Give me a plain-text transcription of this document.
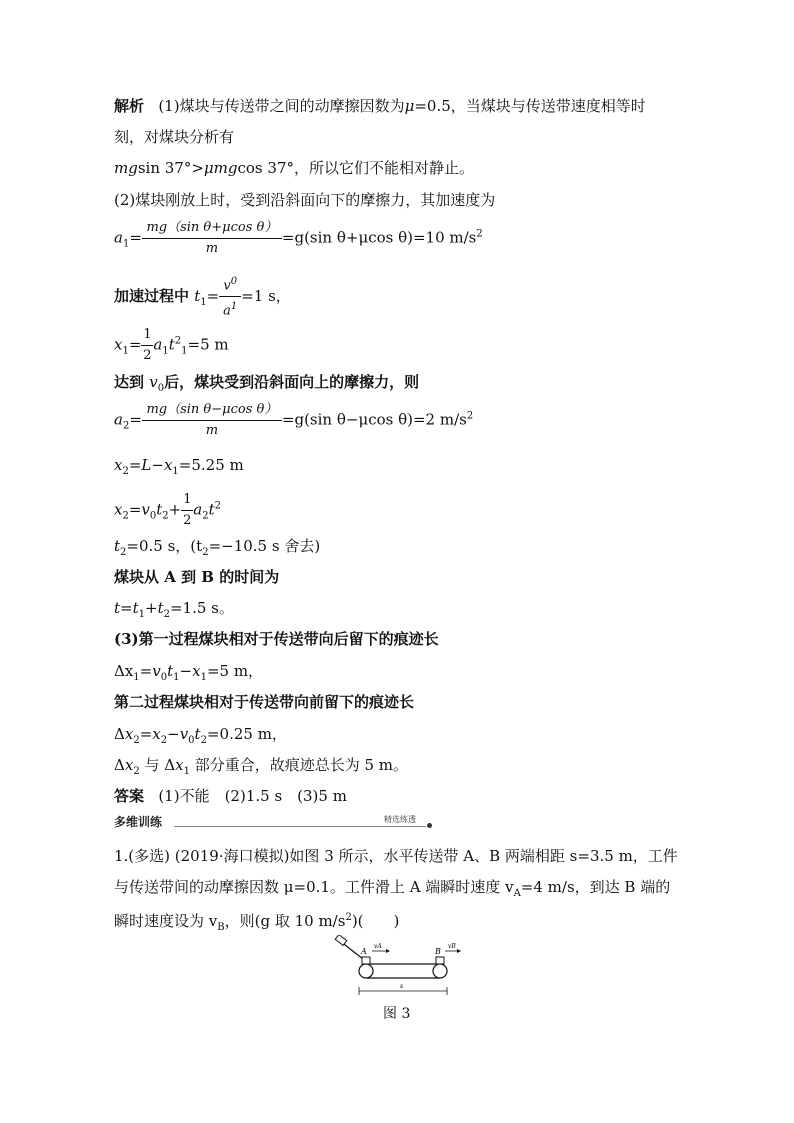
解析 (1)煤块与传送带之间的动摩擦因数为μ=0.5，当煤块与传送带速度相等时
刻，对煤块分析有
mgsin 37°>μmgcos 37°，所以它们不能相对静止。
(2)煤块刚放上时，受到沿斜面向下的摩擦力，其加速度为
$a_1= \frac{\text{mg（sin θ+μcos θ）}}{m} =g(\sin$ θ+μcos θ)=10 $m/s^2$
加速过程中 $t_1= \frac{v^0}{a^1} =1$ s，
$x_1= \frac{1}{2} a_1t^2_1=5$ m
达到 $v_0$后，煤块受到沿斜面向上的摩擦力，则
$a_2= \frac{\text{mg（sin θ−μcos θ）}}{m} =g(\sin$ θ−μcos θ)=2 $m/s^2$
$x_2=L-x_1=5.25$ m
$x_2=v_0t_2+ \frac{1}{2} a_2t^2$
$t_2=0.5$ s，($t_2=-10.5$ s 舍去)
煤块从 A 到 B 的时间为
$t=t_1+t_2=1.5$ s。
(3)第一过程煤块相对于传送带向后留下的痕迹长
$\Delta x_1=v_0t_1-x_1=5$ m，
第二过程煤块相对于传送带向前留下的痕迹长
$\Delta x_2=x_2-v_0t_2=0.25$ m，
$\Delta x_2$ 与 $\Delta x_1$ 部分重合，故痕迹总长为 5 m。
答案 (1)不能　(2)1.5 s　(3)5 m
多维训练	精选练透
1.(多选) (2019·海口模拟)如图 3 所示，水平传送带 A、B 两端相距 s=3.5 m，工件
与传送带间的动摩擦因数 μ=0.1。工件滑上 A 端瞬时速度 $v_A=4$ m/s，到达 B 端的
瞬时速度设为 $v_B$，则(g 取 10 $m/s^2$)(　　)
A	B
vA	vB
s
图 3
